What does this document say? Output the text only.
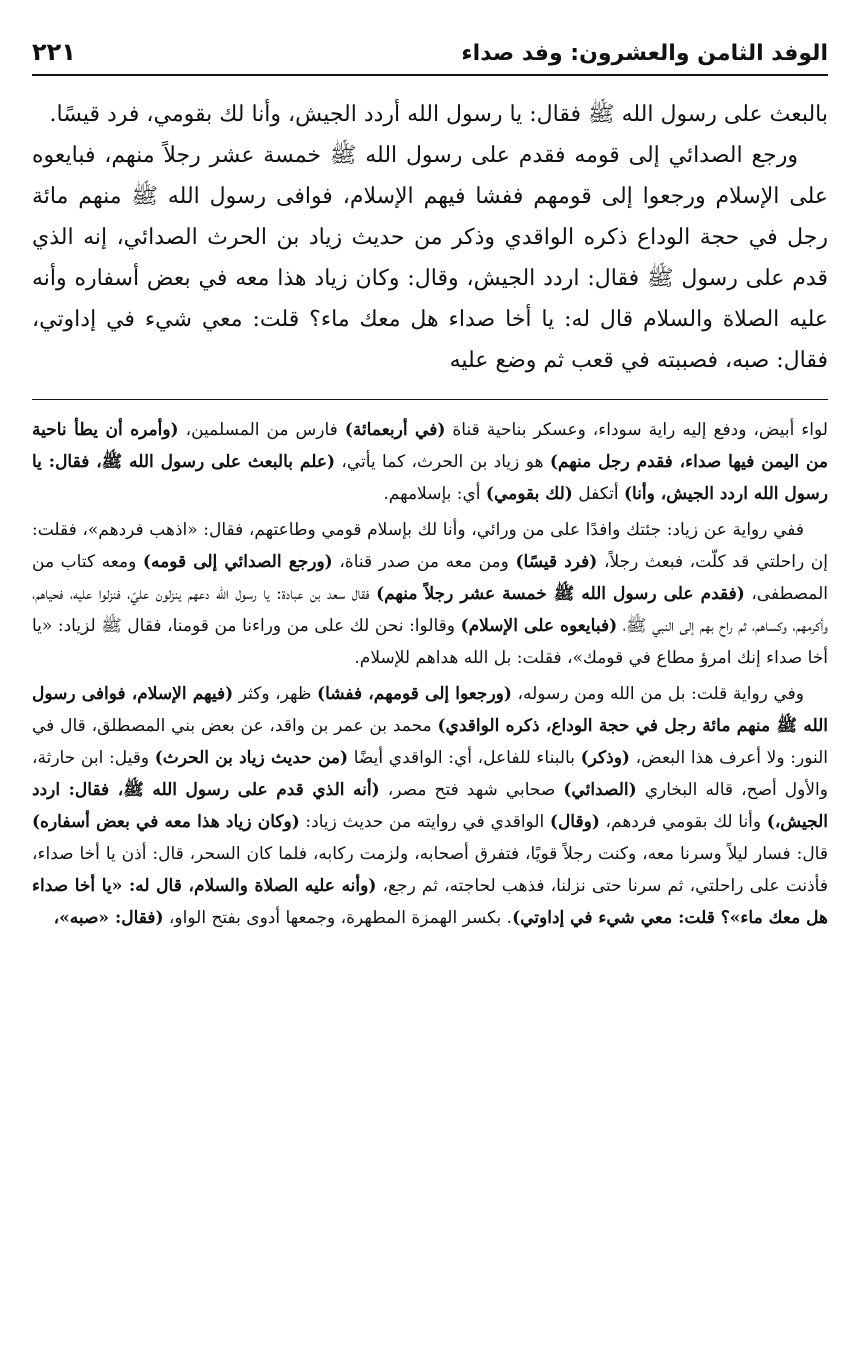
الوفد الثامن والعشرون: وفد صداء
٢٢١

بالبعث على رسول الله ﷺ فقال: يا رسول الله أردد الجيش، وأنا لك بقومي، فرد قيسًا.

ورجع الصدائي إلى قومه فقدم على رسول الله ﷺ خمسة عشر رجلاً منهم، فبايعوه على الإسلام ورجعوا إلى قومهم ففشا فيهم الإسلام، فوافى رسول الله ﷺ منهم مائة رجل في حجة الوداع ذكره الواقدي وذكر من حديث زياد بن الحرث الصدائي، إنه الذي قدم على رسول ﷺ فقال: اردد الجيش، وقال: وكان زياد هذا معه في بعض أسفاره وأنه عليه الصلاة والسلام قال له: يا أخا صداء هل معك ماء؟ قلت: معي شيء في إداوتي، فقال: صبه، فصببته في قعب ثم وضع عليه

لواء أبيض، ودفع إليه راية سوداء، وعسكر بناحية قناة (في أربعمائة) فارس من المسلمين، (وأمره أن يطأ ناحية من اليمن فيها صداء، فقدم رجل منهم) هو زياد بن الحرث، كما يأتي، (علم بالبعث على رسول الله ﷺ، فقال: يا رسول الله اردد الجيش، وأنا) أتكفل (لك بقومي) أي: بإسلامهم.

ففي رواية عن زياد: جئتك وافدًا على من ورائي، وأنا لك بإسلام قومي وطاعتهم، فقال: «اذهب فردهم»، فقلت: إن راحلتي قد كلّت، فبعث رجلاً، (فرد قيسًا) ومن معه من صدر قناة، (ورجع الصدائي إلى قومه) ومعه كتاب من المصطفى، (فقدم على رسول الله ﷺ خمسة عشر رجلاً منهم) فقال سعد بن عبادة: يا رسول الله دعهم ينزلون عليّ، فنزلوا عليه، فحياهم، وأكرمهم، وكساهم، ثم راح بهم إلى النبي ﷺ، (فبايعوه على الإسلام) وقالوا: نحن لك على من وراءنا من قومنا، فقال ﷺ لزياد: «يا أخا صداء إنك امرؤ مطاع في قومك»، فقلت: بل الله هداهم للإسلام.

وفي رواية قلت: بل من الله ومن رسوله، (ورجعوا إلى قومهم، ففشا) ظهر، وكثر (فيهم الإسلام، فوافى رسول الله ﷺ منهم مائة رجل في حجة الوداع، ذكره الواقدي) محمد بن عمر بن واقد، عن بعض بني المصطلق، قال في النور: ولا أعرف هذا البعض، (وذكر) بالبناء للفاعل، أي: الواقدي أيضًا (من حديث زياد بن الحرث) وقيل: ابن حارثة، والأول أصح، قاله البخاري (الصدائي) صحابي شهد فتح مصر، (أنه الذي قدم على رسول الله ﷺ، فقال: اردد الجيش،) وأنا لك بقومي فردهم، (وقال) الواقدي في روايته من حديث زياد: (وكان زياد هذا معه في بعض أسفاره) قال: فسار ليلاً وسرنا معه، وكنت رجلاً قويًا، فتفرق أصحابه، ولزمت ركابه، فلما كان السحر، قال: أذن يا أخا صداء، فأذنت على راحلتي، ثم سرنا حتى نزلنا، فذهب لحاجته، ثم رجع، (وأنه عليه الصلاة والسلام، قال له: «يا أخا صداء هل معك ماء»؟ قلت: معي شيء في إداوتي). بكسر الهمزة المطهرة، وجمعها أدوى بفتح الواو، (فقال: «صبه»،
